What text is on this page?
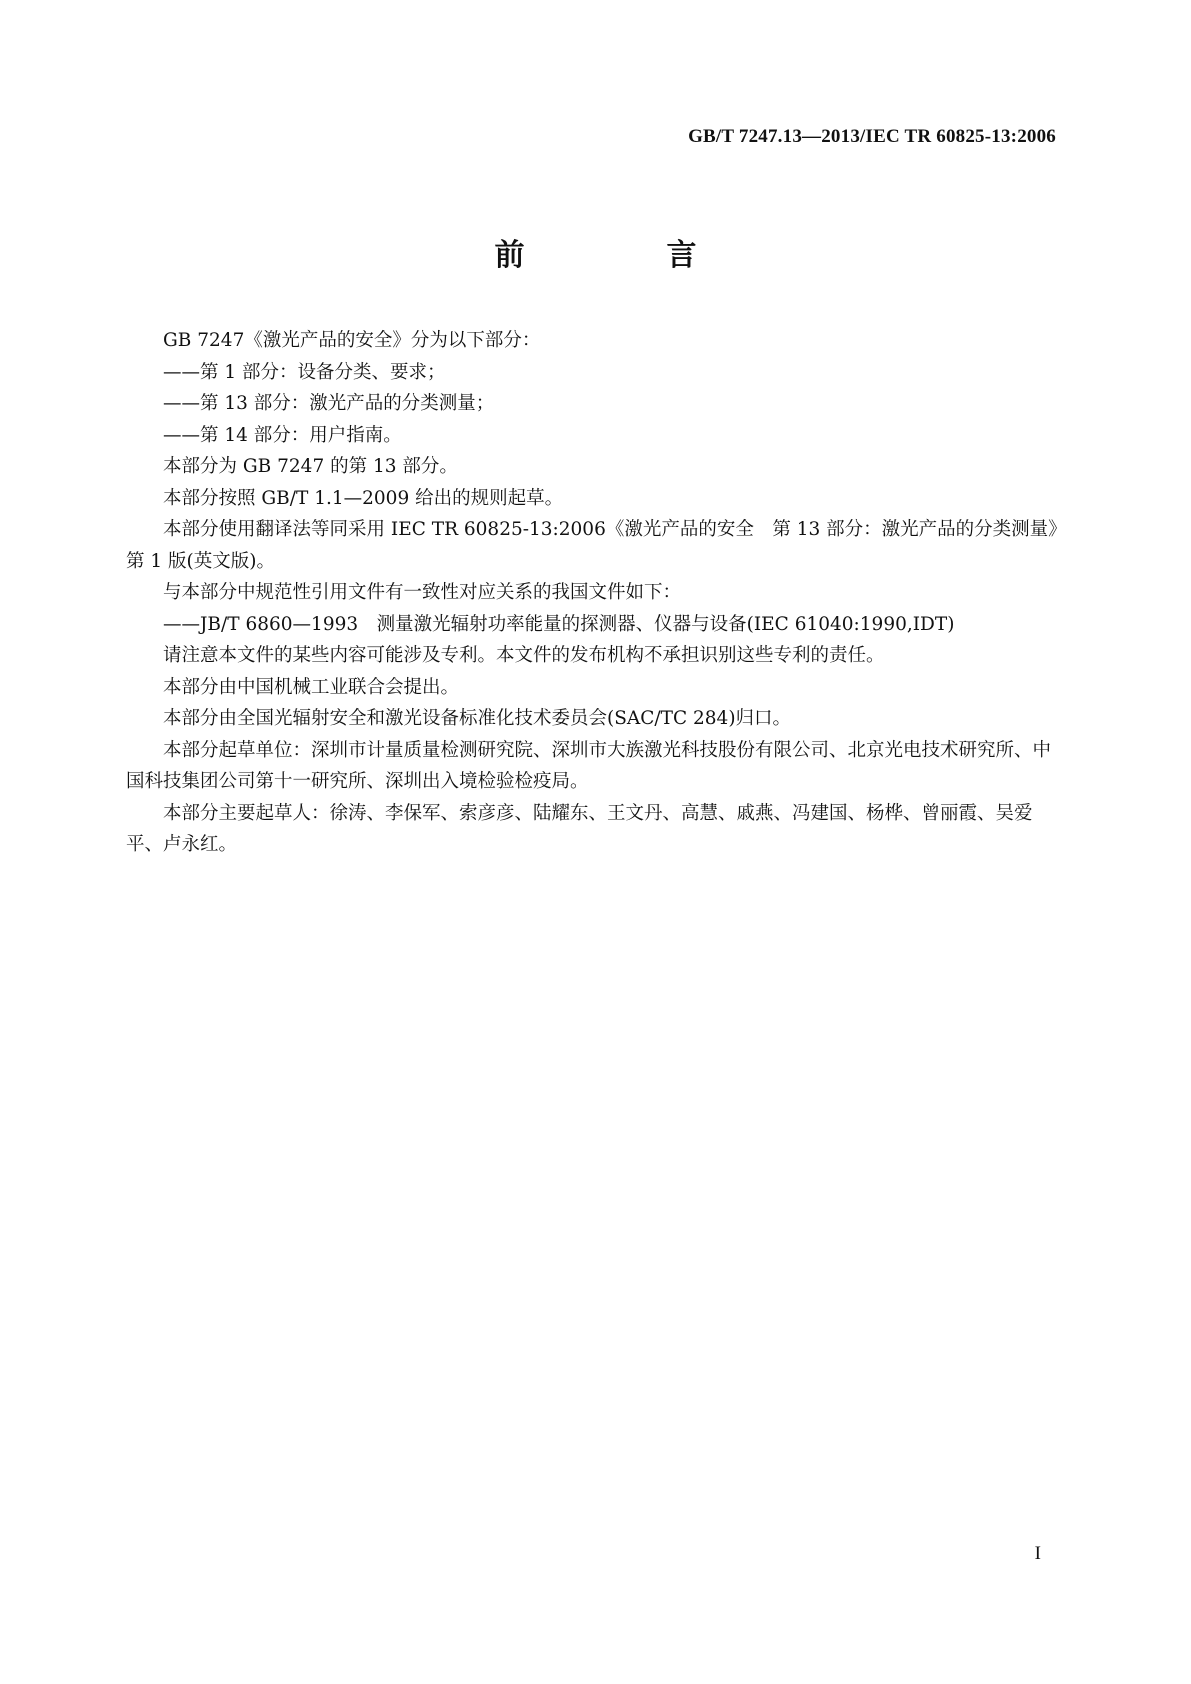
GB/T 7247.13—2013/IEC TR 60825-13:2006
前　言

GB 7247《激光产品的安全》分为以下部分：

——第 1 部分：设备分类、要求；

——第 13 部分：激光产品的分类测量；

——第 14 部分：用户指南。

本部分为 GB 7247 的第 13 部分。

本部分按照 GB/T 1.1—2009 给出的规则起草。

本部分使用翻译法等同采用 IEC TR 60825-13:2006《激光产品的安全　第 13 部分：激光产品的分类测量》第 1 版(英文版)。

与本部分中规范性引用文件有一致性对应关系的我国文件如下：

——JB/T 6860—1993　测量激光辐射功率能量的探测器、仪器与设备(IEC 61040:1990,IDT)

请注意本文件的某些内容可能涉及专利。本文件的发布机构不承担识别这些专利的责任。

本部分由中国机械工业联合会提出。

本部分由全国光辐射安全和激光设备标准化技术委员会(SAC/TC 284)归口。

本部分起草单位：深圳市计量质量检测研究院、深圳市大族激光科技股份有限公司、北京光电技术研究所、中国科技集团公司第十一研究所、深圳出入境检验检疫局。

本部分主要起草人：徐涛、李保军、索彦彦、陆耀东、王文丹、高慧、戚燕、冯建国、杨桦、曾丽霞、吴爱平、卢永红。

I
